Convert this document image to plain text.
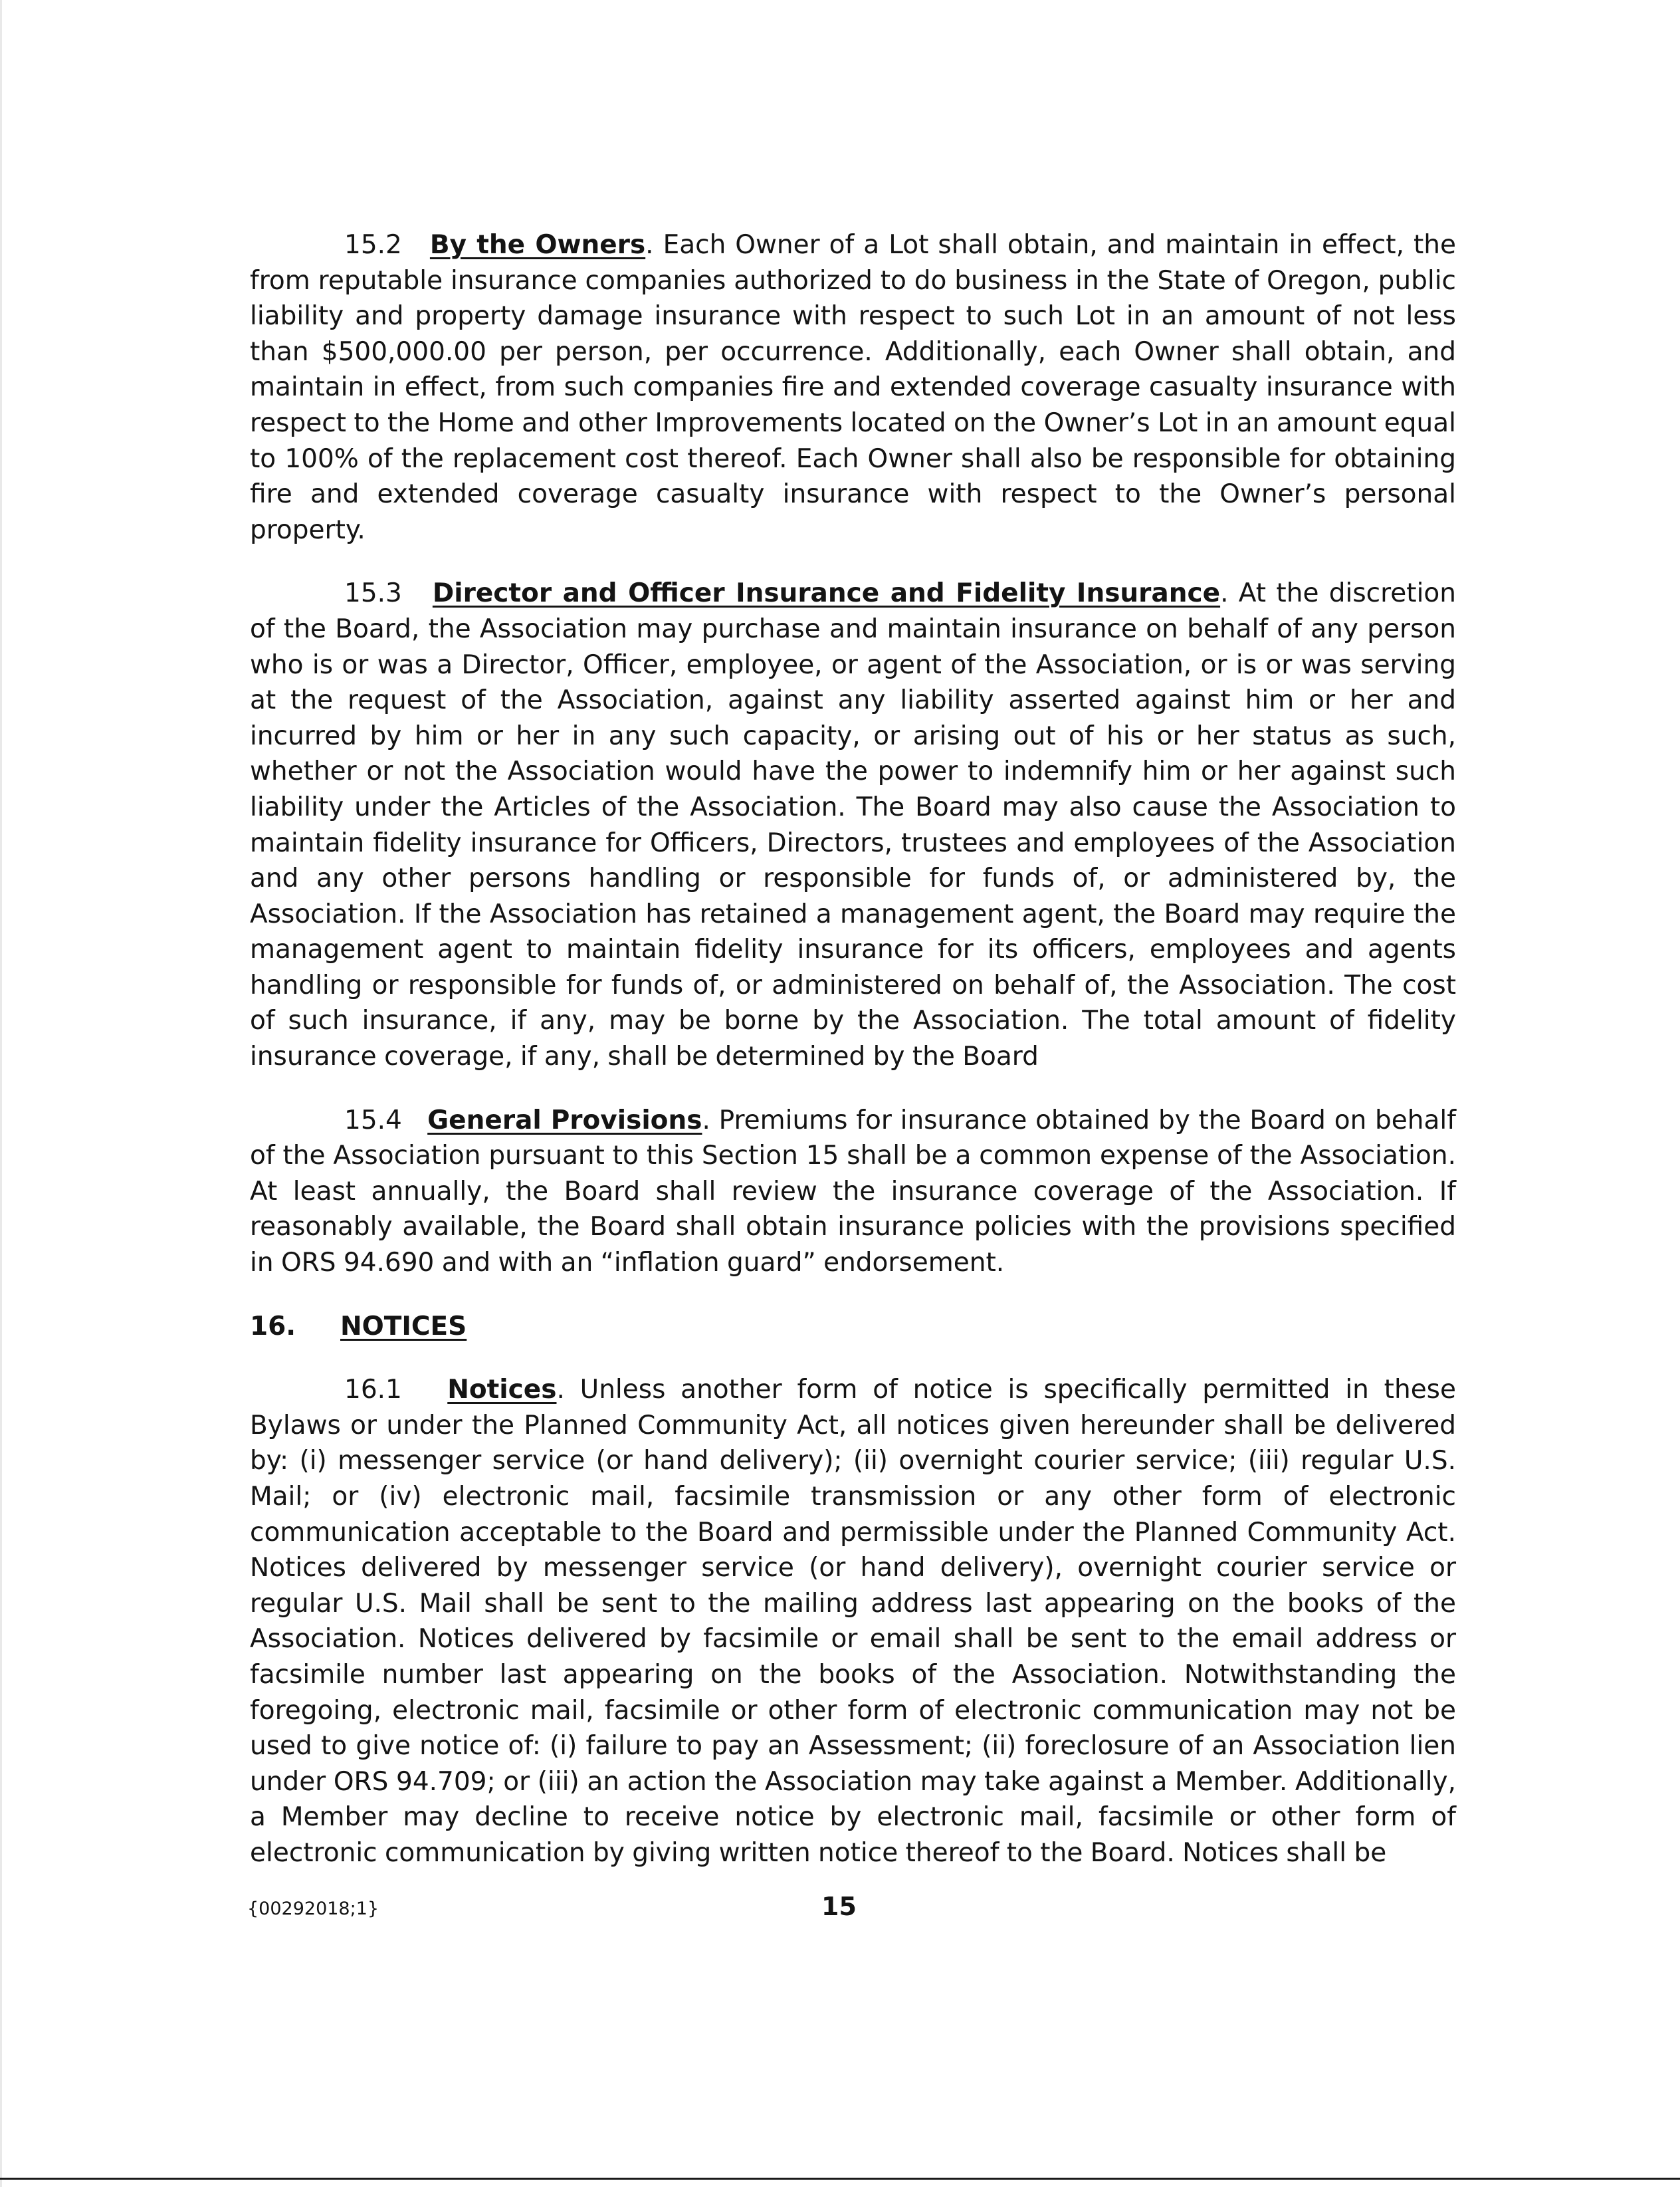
15.2 By the Owners. Each Owner of a Lot shall obtain, and maintain in effect, the from reputable insurance companies authorized to do business in the State of Oregon, public liability and property damage insurance with respect to such Lot in an amount of not less than $500,000.00 per person, per occurrence. Additionally, each Owner shall obtain, and maintain in effect, from such companies fire and extended coverage casualty insurance with respect to the Home and other Improvements located on the Owner’s Lot in an amount equal to 100% of the replacement cost thereof. Each Owner shall also be responsible for obtaining fire and extended coverage casualty insurance with respect to the Owner’s personal property.

15.3 Director and Officer Insurance and Fidelity Insurance. At the discretion of the Board, the Association may purchase and maintain insurance on behalf of any person who is or was a Director, Officer, employee, or agent of the Association, or is or was serving at the request of the Association, against any liability asserted against him or her and incurred by him or her in any such capacity, or arising out of his or her status as such, whether or not the Association would have the power to indemnify him or her against such liability under the Articles of the Association. The Board may also cause the Association to maintain fidelity insurance for Officers, Directors, trustees and employees of the Association and any other persons handling or responsible for funds of, or administered by, the Association. If the Association has retained a management agent, the Board may require the management agent to maintain fidelity insurance for its officers, employees and agents handling or responsible for funds of, or administered on behalf of, the Association. The cost of such insurance, if any, may be borne by the Association. The total amount of fidelity insurance coverage, if any, shall be determined by the Board

15.4 General Provisions. Premiums for insurance obtained by the Board on behalf of the Association pursuant to this Section 15 shall be a common expense of the Association. At least annually, the Board shall review the insurance coverage of the Association. If reasonably available, the Board shall obtain insurance policies with the provisions specified in ORS 94.690 and with an “inflation guard” endorsement.

16. NOTICES

16.1 Notices. Unless another form of notice is specifically permitted in these Bylaws or under the Planned Community Act, all notices given hereunder shall be delivered by: (i) messenger service (or hand delivery); (ii) overnight courier service; (iii) regular U.S. Mail; or (iv) electronic mail, facsimile transmission or any other form of electronic communication acceptable to the Board and permissible under the Planned Community Act. Notices delivered by messenger service (or hand delivery), overnight courier service or regular U.S. Mail shall be sent to the mailing address last appearing on the books of the Association. Notices delivered by facsimile or email shall be sent to the email address or facsimile number last appearing on the books of the Association. Notwithstanding the foregoing, electronic mail, facsimile or other form of electronic communication may not be used to give notice of: (i) failure to pay an Assessment; (ii) foreclosure of an Association lien under ORS 94.709; or (iii) an action the Association may take against a Member. Additionally, a Member may decline to receive notice by electronic mail, facsimile or other form of electronic communication by giving written notice thereof to the Board. Notices shall be

{00292018;1}	15
